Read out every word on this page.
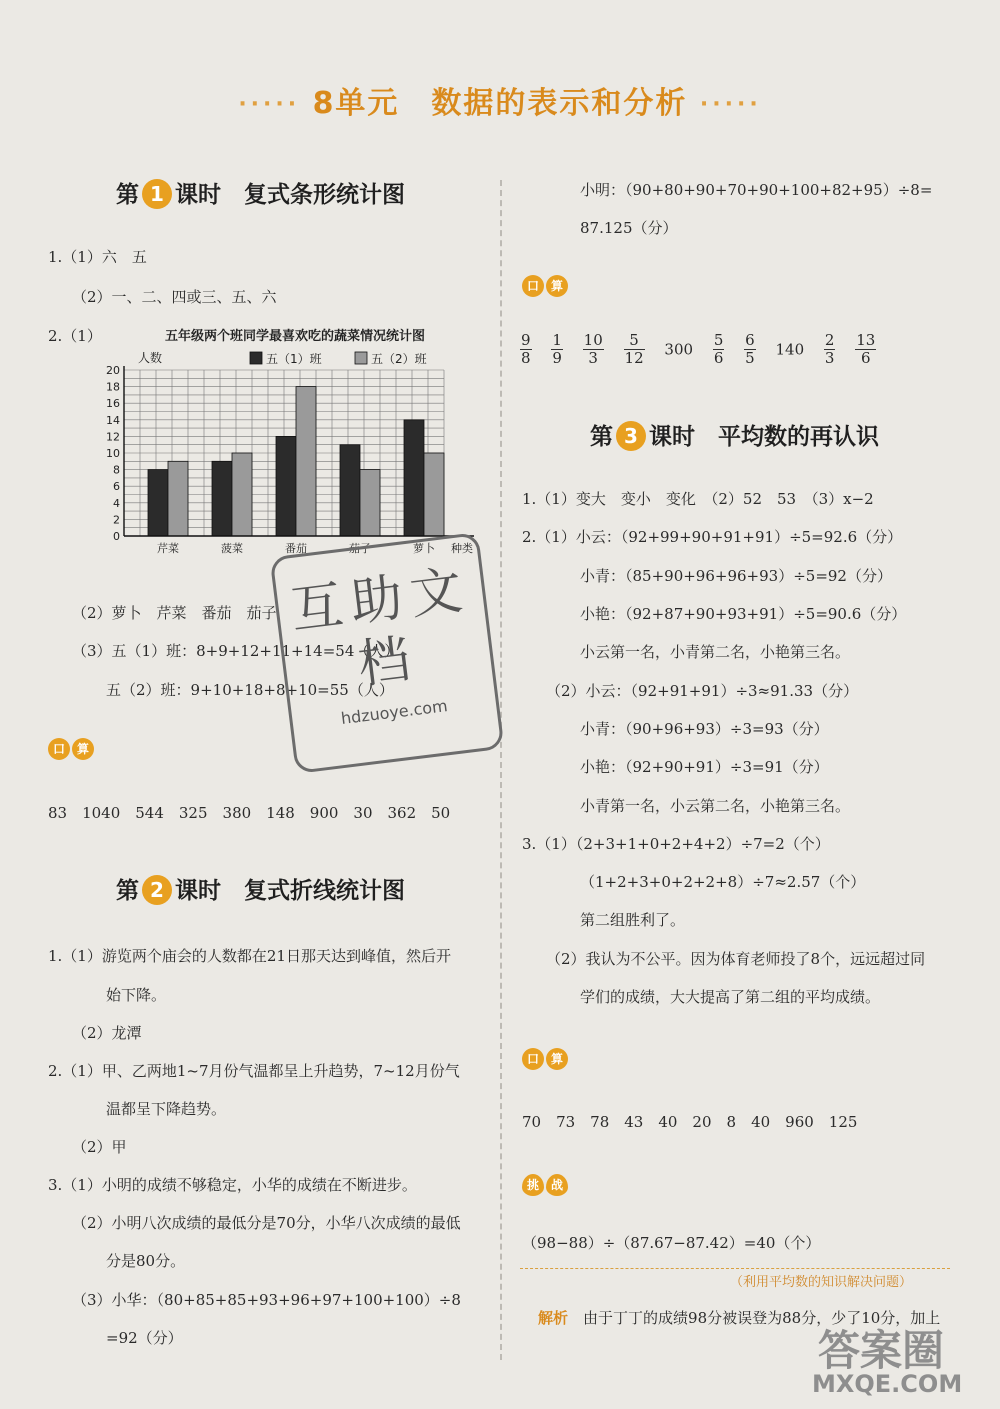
····· 8单元　数据的表示和分析 ·····
第 1 课时　复式条形统计图
1.（1）六　五
（2）一、二、四或三、五、六
2.（1）	五年级两个班同学最喜欢吃的蔬菜情况统计图
人数	五（1）班	五（2）班
0
2
4
6
8
10
12
14
16
18
20
芹菜	菠菜	番茄	茄子	萝卜 种类
（2）萝卜　芹菜　番茄　茄子
（3）五（1）班：8+9+12+11+14=54（人）
五（2）班：9+10+18+8+10=55（人）
口 算
83　1040　544　325　380　148　900　30　362　50
第 2 课时　复式折线统计图
1.（1）游览两个庙会的人数都在21日那天达到峰值，然后开
始下降。
（2）龙潭
2.（1）甲、乙两地1~7月份气温都呈上升趋势，7~12月份气
温都呈下降趋势。
（2）甲
3.（1）小明的成绩不够稳定，小华的成绩在不断进步。
（2）小明八次成绩的最低分是70分，小华八次成绩的最低
分是80分。
（3）小华：（80+85+85+93+96+97+100+100）÷8
=92（分）
小明：（90+80+90+70+90+100+82+95）÷8=
87.125（分）
口 算
$\frac{9}{8}$
　 $\frac{1}{9}$
　 $\frac{10}{3}$
　 $\frac{5}{12}$
　 300　 $\frac{5}{6}$
　 $\frac{6}{5}$
　 140　 $\frac{2}{3}$
　 $\frac{13}{6}$
第 3 课时　平均数的再认识
1.（1）变大　变小　变化　（2）52　53　（3）x−2
2.（1）小云：（92+99+90+91+91）÷5=92.6（分）
小青：（85+90+96+96+93）÷5=92（分）
小艳：（92+87+90+93+91）÷5=90.6（分）
小云第一名，小青第二名，小艳第三名。
（2）小云：（92+91+91）÷3≈91.33（分）
小青：（90+96+93）÷3=93（分）
小艳：（92+90+91）÷3=91（分）
小青第一名，小云第二名，小艳第三名。
3.（1）（2+3+1+0+2+4+2）÷7=2（个）
（1+2+3+0+2+2+8）÷7≈2.57（个）
第二组胜利了。
（2）我认为不公平。因为体育老师投了8个，远远超过同
学们的成绩，大大提高了第二组的平均成绩。
口 算
70　73　78　43　40　20　8　40　960　125
挑 战
（98−88）÷（87.67−87.42）=40（个）
（利用平均数的知识解决问题）
解析　 由于丁丁的成绩98分被误登为88分，少了10分，加上
互助文档
hdzuoye.com
答案圈
MXQE.COM
